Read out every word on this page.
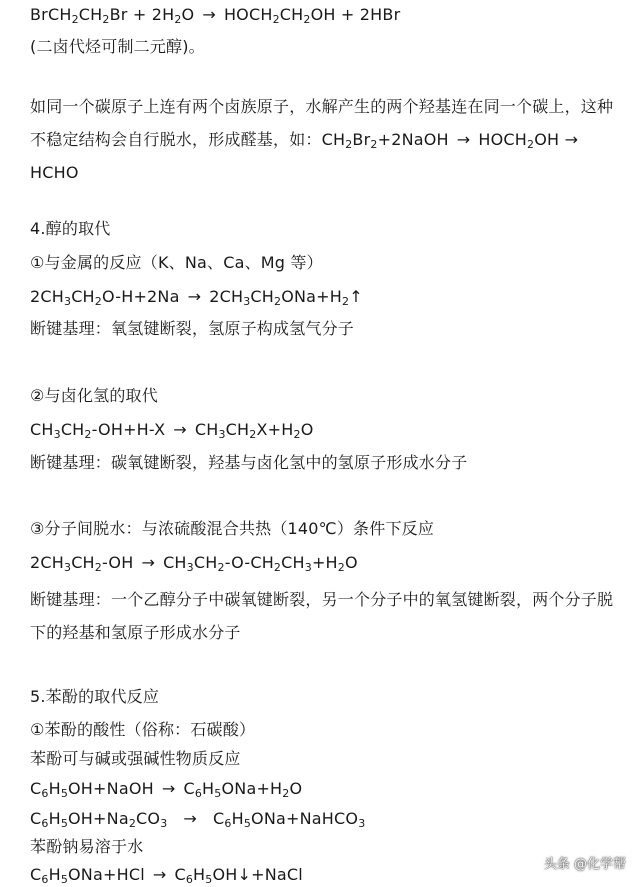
$BrCH_2CH_2Br + 2H_2O$ → $HOCH_2CH_2OH + 2HBr$
(二卤代烃可制二元醇)。
如同一个碳原子上连有两个卤族原子，水解产生的两个羟基连在同一个碳上，这种不稳定结构会自行脱水，形成醛基，如：$CH_2Br_2+2NaOH$ → $HOCH_2OH$ → HCHO
4.醇的取代
①与金属的反应（K、Na、Ca、Mg 等）
$2CH_3CH_2O-H+2Na$ → $2CH_3CH_2ONa+H_2↑$
断键基理：氧氢键断裂，氢原子构成氢气分子
②与卤化氢的取代
$CH_3CH_2-OH+H-X \to CH_3CH_2X+H_2O$
断键基理：碳氧键断裂，羟基与卤化氢中的氢原子形成水分子
③分子间脱水：与浓硫酸混合共热（140℃）条件下反应
$2CH_3CH_2-OH \to CH_3CH_2-O-CH_2CH_3+H_2O$
断键基理：一个乙醇分子中碳氧键断裂，另一个分子中的氧氢键断裂，两个分子脱下的羟基和氢原子形成水分子
5.苯酚的取代反应
①苯酚的酸性（俗称：石碳酸）
苯酚可与碱或强碱性物质反应
$C_6H_5OH+NaOH \to C_6H_5ONa+H_2O$
$C_6H_5OH+Na_2CO_3$ → $C_6H_5ONa+NaHCO_3$
苯酚钠易溶于水
$C_6H_5ONa+HCl$ → $C_6H_5OH↓+NaCl$
头条 @化学帮
